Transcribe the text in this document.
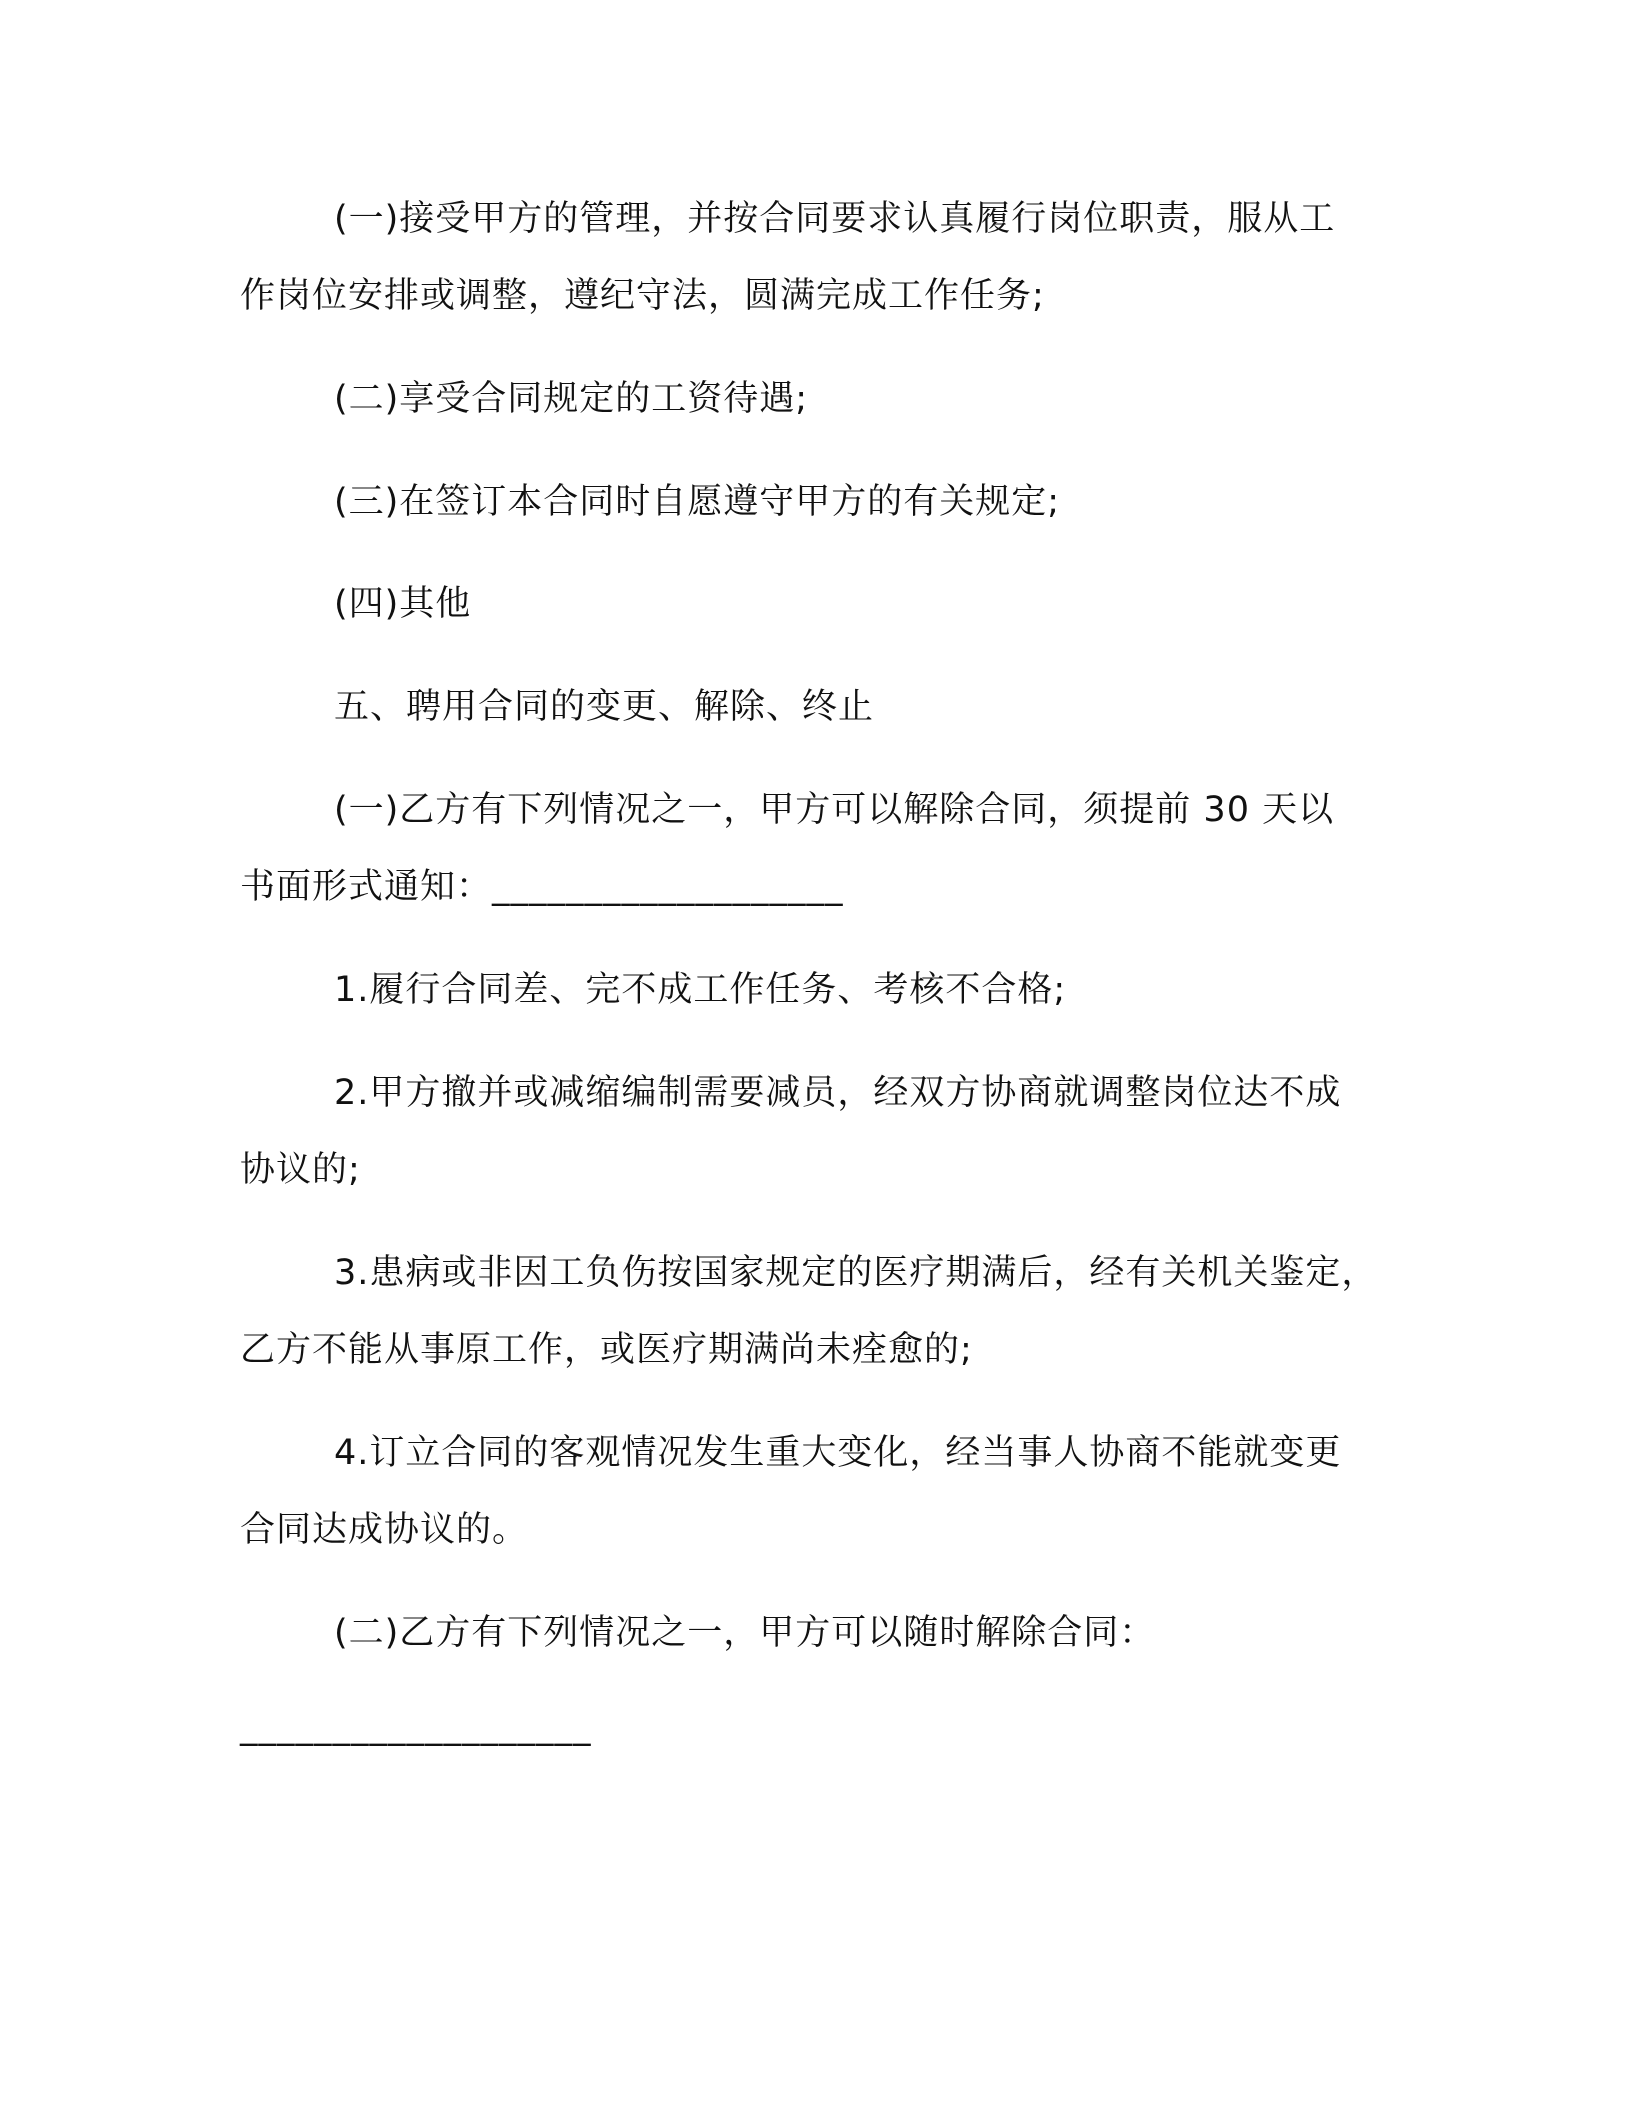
(一)接受甲方的管理，并按合同要求认真履行岗位职责，服从工
作岗位安排或调整，遵纪守法，圆满完成工作任务;
(二)享受合同规定的工资待遇;
(三)在签订本合同时自愿遵守甲方的有关规定;
(四)其他
五、聘用合同的变更、解除、终止
(一)乙方有下列情况之一，甲方可以解除合同，须提前 30 天以
书面形式通知：___________________
1.履行合同差、完不成工作任务、考核不合格;
2.甲方撤并或减缩编制需要减员，经双方协商就调整岗位达不成
协议的;
3.患病或非因工负伤按国家规定的医疗期满后，经有关机关鉴定，
乙方不能从事原工作，或医疗期满尚未痊愈的;
4.订立合同的客观情况发生重大变化，经当事人协商不能就变更
合同达成协议的。
(二)乙方有下列情况之一，甲方可以随时解除合同：
___________________
